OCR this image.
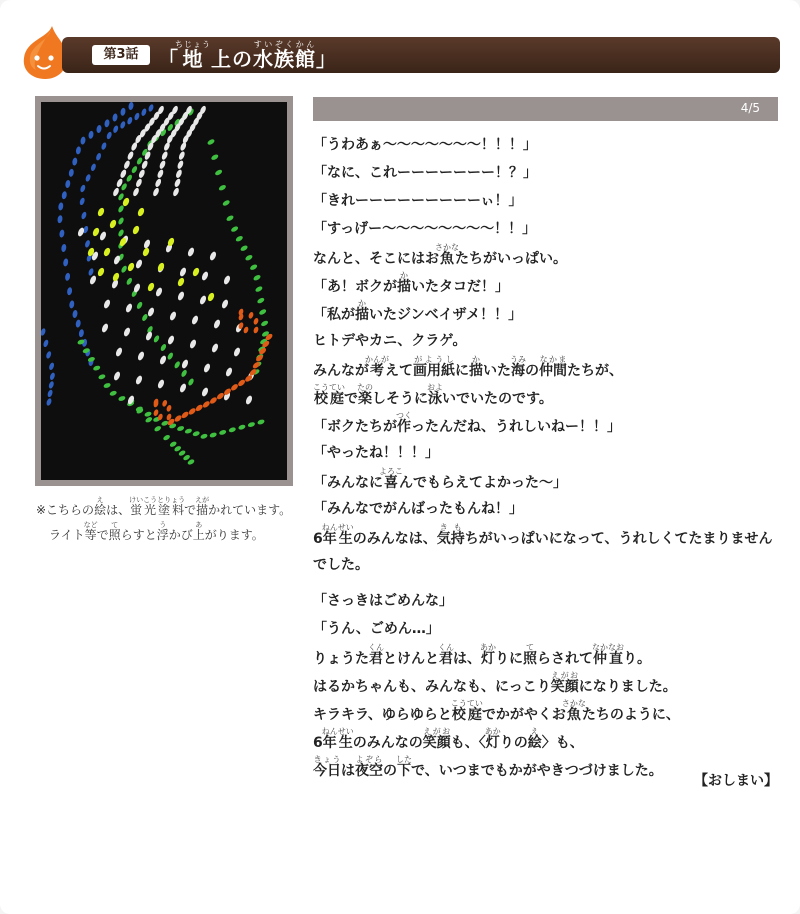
第3話 「地ちじょう上の水族館すいぞくかん」
※こちらの絵えは、蛍光塗料けいこうとりょうで描えがかれています。
ライト等などで照てらすと浮うかび上あがります。
4/5
「うわあぁ〜〜〜〜〜〜〜！！！」
「なに、これーーーーーーー！？」
「きれーーーーーーーーーぃ！」
「すっげー〜〜〜〜〜〜〜〜！！」
なんと、そこにはお魚さかなたちがいっぱい。
「あ！ボクが描かいたタコだ！」
「私が描かいたジンベイザメ！！」
ヒトデやカニ、クラゲ。
みんなが考かんがえて画用紙がようしに描かいた海うみの仲間なかまたちが、
校庭こうていで楽たのしそうに泳およいでいたのです。
「ボクたちが作つくったんだね、うれしいねー！！」
「やったね！！！」
「みんなに喜よろこんでもらえてよかった〜」
「みんなでがんばったもんね！」
6年生ねんせいのみんなは、気持きもちがいっぱいになって、うれしくてたまりません
でした。
「さっきはごめんな」
「うん、ごめん…」
りょうた君くんとけんと君くんは、灯あかりに照てらされて仲直なかなおり。
はるかちゃんも、みんなも、にっこり笑顔えがおになりました。
キラキラ、ゆらゆらと校庭こうていでかがやくお魚さかなたちのように、
6年生ねんせいのみんなの笑顔えがおも、〈灯あかりの絵え〉も、
今日きょうは夜空よぞらの下したで、いつまでもかがやきつづけました。
【おしまい】
